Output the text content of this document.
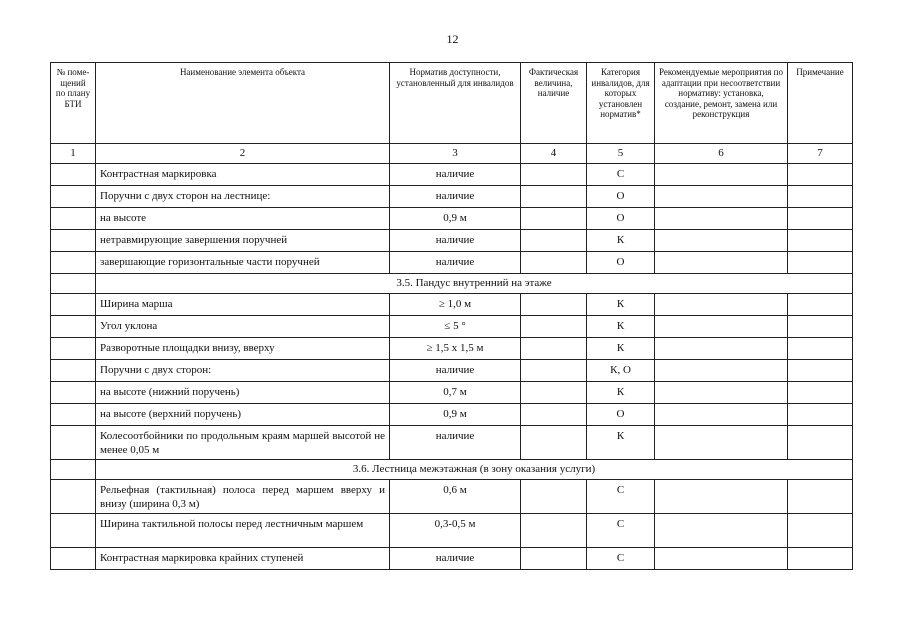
12
№ поме-щений по плану БТИ	Наименование элемента объекта	Норматив доступности, установленный для инвалидов	Фактическая величина, наличие	Категория инвалидов, для которых установлен норматив*	Рекомендуемые мероприятия по адаптации при несоответствии нормативу: установка, создание, ремонт, замена или реконструкция	Примечание
1	2	3	4	5	6	7
	Контрастная маркировка	наличие		С		
	Поручни с двух сторон на лестнице:	наличие		О		
	на высоте	0,9 м		О		
	нетравмирующие завершения поручней	наличие		К		
	завершающие горизонтальные части поручней	наличие		О		
	3.5. Пандус внутренний на этаже					
	Ширина марша	≥ 1,0 м		К		
	Угол уклона	≤ 5 °		К		
	Разворотные площадки внизу, вверху	≥ 1,5 х 1,5 м		К		
	Поручни с двух сторон:	наличие		К, О		
	на высоте (нижний поручень)	0,7 м		К		
	на высоте (верхний поручень)	0,9 м		О		
	Колесоотбойники по продольным краям маршей высотой не менее 0,05 м	наличие		К		
	3.6. Лестница межэтажная (в зону оказания услуги)					
	Рельефная (тактильная) полоса перед маршем вверху и внизу (ширина 0,3 м)	0,6 м		С		
	Ширина тактильной полосы перед лестничным маршем	0,3-0,5 м		С		
	Контрастная маркировка крайних ступеней	наличие		С		
